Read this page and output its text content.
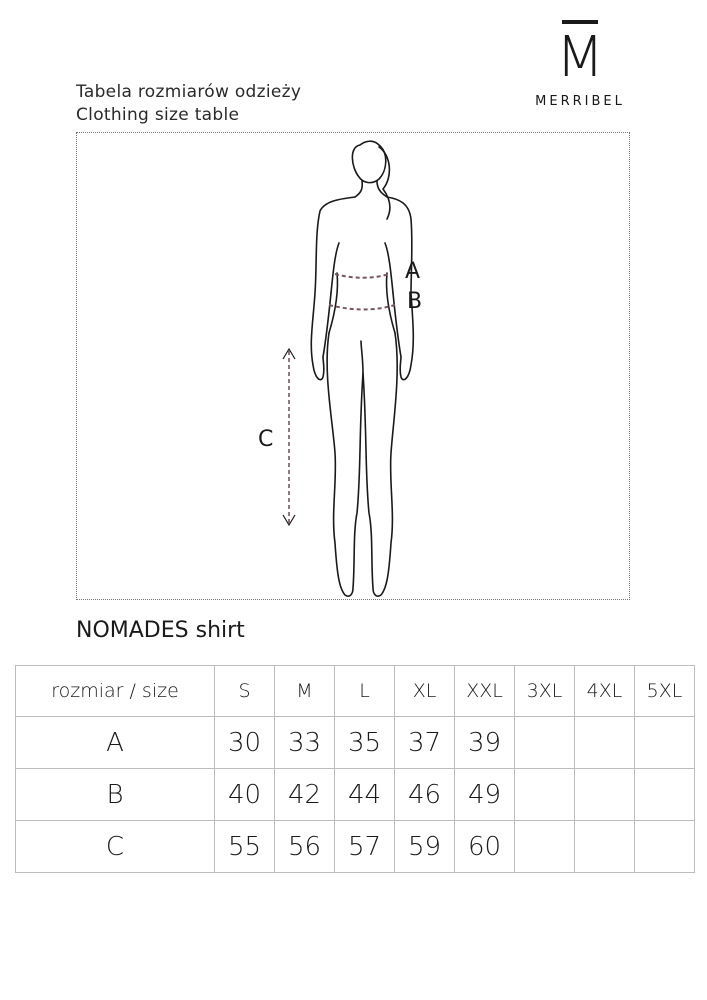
M
MERRIBEL
Tabela rozmiarów odzieży
Clothing size table
A
B
C
NOMADES shirt
rozmiar / size	S	M	L	XL	XXL	3XL	4XL	5XL
A	30	33	35	37	39			
B	40	42	44	46	49			
C	55	56	57	59	60			
